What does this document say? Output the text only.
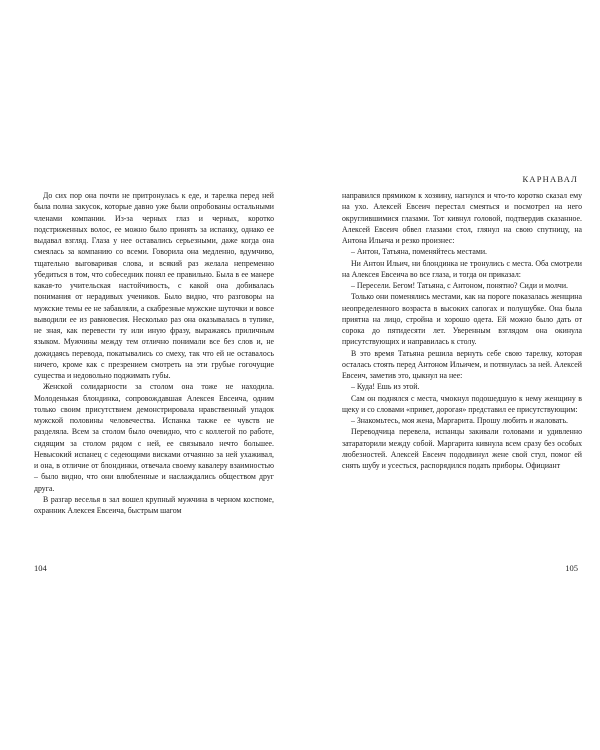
До сих пор она почти не притронулась к еде, и тарелка перед ней была полна закусок, которые давно уже были опробованы остальными членами компании. Из-за черных глаз и черных, коротко подстриженных волос, ее можно было принять за испанку, однако ее выдавал взгляд. Глаза у нее оставались серьезными, даже когда она смеялась за компанию со всеми. Говорила она медленно, вдумчиво, тщательно выговаривая слова, и всякий раз желала непременно убедиться в том, что собеседник понял ее правильно. Была в ее манере какая-то учительская настойчивость, с какой она добивалась понимания от нерадивых учеников. Было видно, что разговоры на мужские темы ее не забавляли, а скабрезные мужские шуточки и вовсе выводили ее из равновесия. Несколько раз она оказывалась в тупике, не зная, как перевести ту или иную фразу, выражаясь приличным языком. Мужчины между тем отлично понимали все без слов и, не дожидаясь перевода, покатывались со смеху, так что ей не оставалось ничего, кроме как с презрением смотреть на эти грубые гогочущие существа и недовольно поджимать губы.

Женской солидарности за столом она тоже не находила. Молоденькая блондинка, сопровождавшая Алексея Евсеича, одним только своим присутствием демонстрировала нравственный упадок мужской половины человечества. Испанка также ее чувств не разделяла. Всем за столом было очевидно, что с коллегой по работе, сидящим за столом рядом с ней, ее связывало нечто большее. Невысокий испанец с седеющими висками отчаянно за ней ухаживал, и она, в отличие от блондинки, отвечала своему кавалеру взаимностью – было видно, что они влюбленные и наслаждались обществом друг друга.

В разгар веселья в зал вошел крупный мужчина в черном костюме, охранник Алексея Евсеича, быстрым шагом

104
КАРНАВАЛ

направился прямиком к хозяину, нагнулся и что-то коротко сказал ему на ухо. Алексей Евсеич перестал смеяться и посмотрел на него округлившимися глазами. Тот кивнул головой, подтвердив сказанное. Алексей Евсеич обвел глазами стол, глянул на свою спутницу, на Антона Ильича и резко произнес:

– Антон, Татьяна, поменяйтесь местами.

Ни Антон Ильич, ни блондинка не тронулись с места. Оба смотрели на Алексея Евсеича во все глаза, и тогда он приказал:

– Пересели. Бегом! Татьяна, с Антоном, понятно? Сиди и молчи.

Только они поменялись местами, как на пороге показалась женщина неопределенного возраста в высоких сапогах и полушубке. Она была приятна на лицо, стройна и хорошо одета. Ей можно было дать от сорока до пятидесяти лет. Уверенным взглядом она окинула присутствующих и направилась к столу.

В это время Татьяна решила вернуть себе свою тарелку, которая осталась стоять перед Антоном Ильичем, и потянулась за ней. Алексей Евсеич, заметив это, цыкнул на нее:

– Куда! Ешь из этой.

Сам он поднялся с места, чмокнул подошедшую к нему женщину в щеку и со словами «привет, дорогая» представил ее присутствующим:

– Знакомьтесь, моя жена, Маргарита. Прошу любить и жаловать.

Переводчица перевела, испанцы закивали головами и удивленно затараторили между собой. Маргарита кивнула всем сразу без особых любезностей. Алексей Евсеич пододвинул жене свой стул, помог ей снять шубу и усесться, распорядился подать приборы. Официант

105
